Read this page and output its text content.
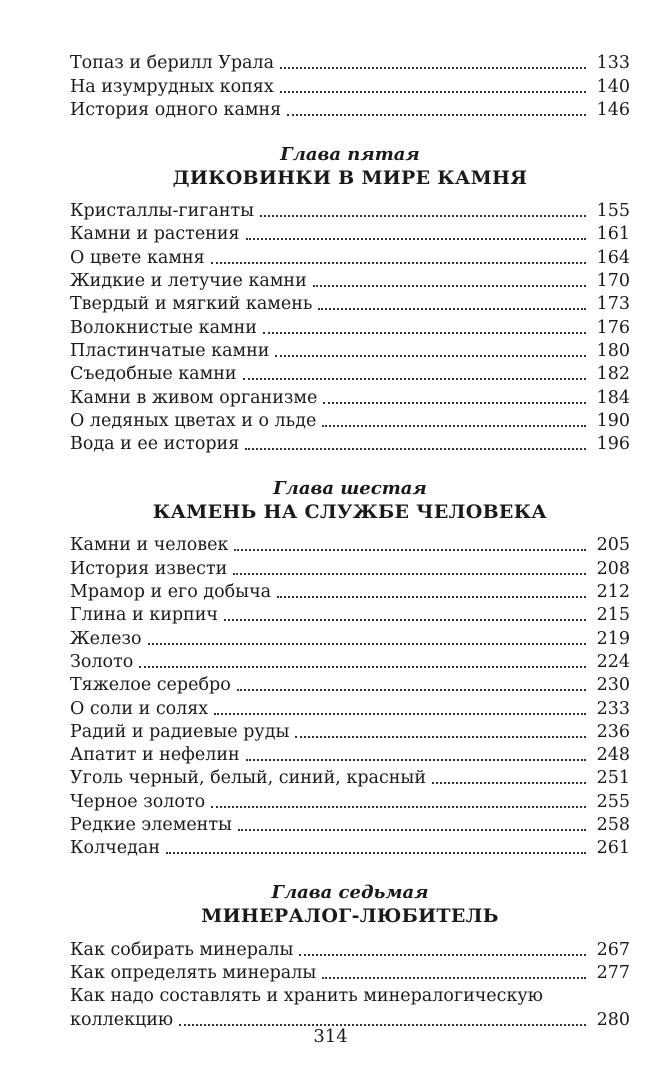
Топаз и берилл Урала	133
На изумрудных копях	140
История одного камня	146
Глава пятая
ДИКОВИНКИ В МИРЕ КАМНЯ
Кристаллы-гиганты	155
Камни и растения	161
О цвете камня	164
Жидкие и летучие камни	170
Твердый и мягкий камень	173
Волокнистые камни	176
Пластинчатые камни	180
Съедобные камни	182
Камни в живом организме	184
О ледяных цветах и о льде	190
Вода и ее история	196
Глава шестая
КАМЕНЬ НА СЛУЖБЕ ЧЕЛОВЕКА
Камни и человек	205
История извести	208
Мрамор и его добыча	212
Глина и кирпич	215
Железо	219
Золото	224
Тяжелое серебро	230
О соли и солях	233
Радий и радиевые руды	236
Апатит и нефелин	248
Уголь черный, белый, синий, красный	251
Черное золото	255
Редкие элементы	258
Колчедан	261
Глава седьмая
МИНЕРАЛОГ-ЛЮБИТЕЛЬ
Как собирать минералы	267
Как определять минералы	277
Как надо составлять и хранить минералогическую
коллекцию	280
314
